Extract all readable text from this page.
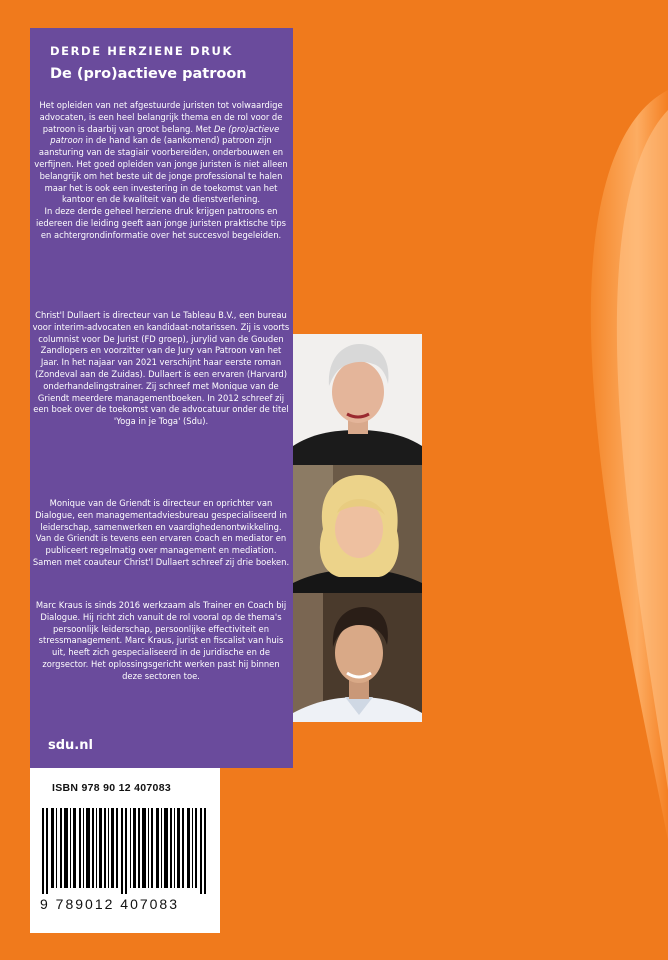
DERDE HERZIENE DRUK
De (pro)actieve patroon

Het opleiden van net afgestuurde juristen tot volwaardige advocaten, is een heel belangrijk thema en de rol voor de patroon is daarbij van groot belang. Met De (pro)actieve patroon in de hand kan de (aankomend) patroon zijn aansturing van de stagiair voorbereiden, onderbouwen en verfijnen. Het goed opleiden van jonge juristen is niet alleen belangrijk om het beste uit de jonge professional te halen maar het is ook een investering in de toekomst van het kantoor en de kwaliteit van de dienstverlening.

In deze derde geheel herziene druk krijgen patroons en iedereen die leiding geeft aan jonge juristen praktische tips en achtergrondinformatie over het succesvol begeleiden.

Christ'l Dullaert is directeur van Le Tableau B.V., een bureau voor interim-advocaten en kandidaat-notarissen. Zij is voorts columnist voor De Jurist (FD groep), jurylid van de Gouden Zandlopers en voorzitter van de Jury van Patroon van het Jaar. In het najaar van 2021 verschijnt haar eerste roman (Zondeval aan de Zuidas). Dullaert is een ervaren (Harvard) onderhandelingstrainer. Zij schreef met Monique van de Griendt meerdere managementboeken. In 2012 schreef zij een boek over de toekomst van de advocatuur onder de titel 'Yoga in je Toga' (Sdu).

Monique van de Griendt is directeur en oprichter van Dialogue, een managementadviesbureau gespecialiseerd in leiderschap, samenwerken en vaardighedenontwikkeling. Van de Griendt is tevens een ervaren coach en mediator en publiceert regelmatig over management en mediation. Samen met coauteur Christ'l Dullaert schreef zij drie boeken.

Marc Kraus is sinds 2016 werkzaam als Trainer en Coach bij Dialogue. Hij richt zich vanuit de rol vooral op de thema's persoonlijk leiderschap, persoonlijke effectiviteit en stressmanagement. Marc Kraus, jurist en fiscalist van huis uit, heeft zich gespecialiseerd in de juridische en de zorgsector. Het oplossingsgericht werken past hij binnen deze sectoren toe.

sdu.nl
ISBN 978 90 12 407083
9 789012 407083
